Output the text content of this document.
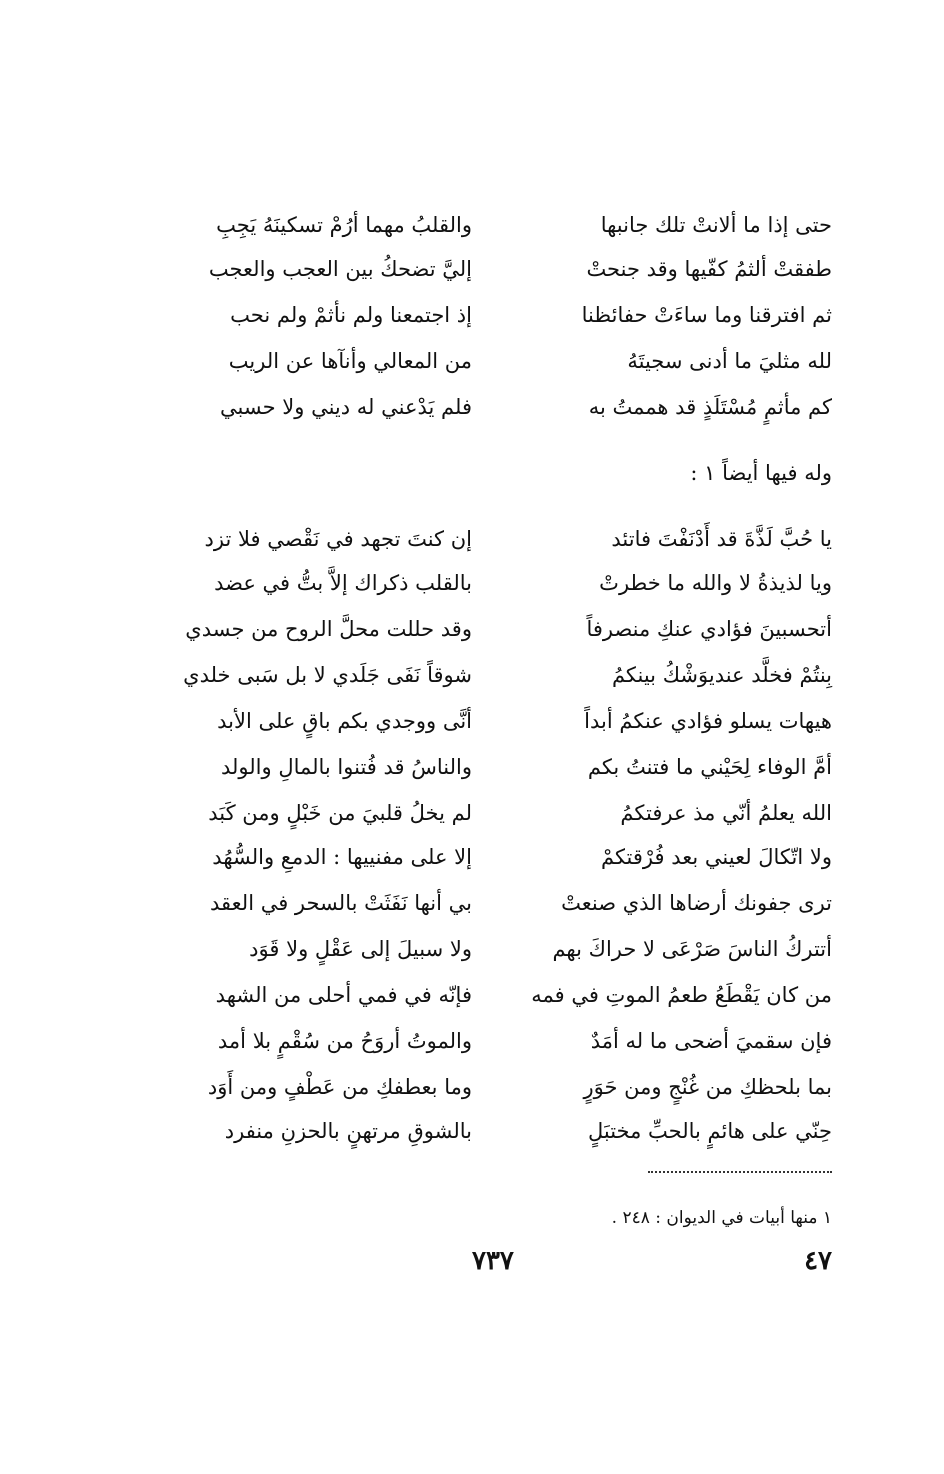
حتى إذا ما ألانتْ تلك جانبها
والقلبُ مهما أرُمْ تسكينَهُ يَجِبِ
طفقتْ ألثمُ كفّيها وقد جنحتْ
إليَّ تضحكُ بين العجب والعجب
ثم افترقنا وما ساءَتْ حفائظنا
إذ اجتمعنا ولم نأثمْ ولم نحب
لله مثليَ ما أدنى سجيتَهُ
من المعالي وأنآها عن الريب
كم مأثمٍ مُسْتَلَذٍ قد هممتُ به
فلم يَدْعني له ديني ولا حسبي
وله فيها أيضاً ١ :
يا حُبَّ لَذَّةَ قد أَدْنَفْتَ فاتئد
إن كنتَ تجهد في نَقْصي فلا تزد
ويا لذيذةُ لا والله ما خطرتْ
بالقلب ذكراك إلاَّ بتُّ في عضد
أتحسبينَ فؤادي عنكِ منصرفاً
وقد حللت محلَّ الروح من جسدي
بِنتُمْ فخلَّد عنديوَشْكُ بينكمُ
شوقاً نَفَى جَلَدي لا بل سَبى خلدي
هيهات يسلو فؤادي عنكمُ أبداً
أنَّى ووجدي بكم باقٍ على الأبد
أمَّ الوفاء لِحَيْني ما فتنتُ بكم
والناسُ قد فُتنوا بالمالِ والولد
الله يعلمُ أنّي مذ عرفتكمُ
لم يخلُ قلبيَ من خَبْلٍ ومن كَبَد
ولا اتّكالَ لعيني بعد فُرْقتكمْ
إلا على مفنييها : الدمعِ والسُّهُد
ترى جفونك أرضاها الذي صنعتْ
بي أنها نَفَثَتْ بالسحر في العقد
أتتركُ الناسَ صَرْعَى لا حراكَ بهم
ولا سبيلَ إلى عَقْلٍ ولا قَوَد
من كان يَقْطَعُ طعمُ الموتِ في فمه
فإنّه في فمي أحلى من الشهد
فإن سقميَ أضحى ما له أمَدٌ
والموتُ أروَحُ من سُقْمٍ بلا أمد
بما بلحظكِ من غُنْجٍ ومن حَوَرٍ
وما بعطفكِ من عَطْفٍ ومن أَوَد
حِنّي على هائمٍ بالحبِّ مختبَلٍ
بالشوقِ مرتهنٍ بالحزنِ منفرد
١ منها أبيات في الديوان : ٢٤٨ .
٤٧
٧٣٧
